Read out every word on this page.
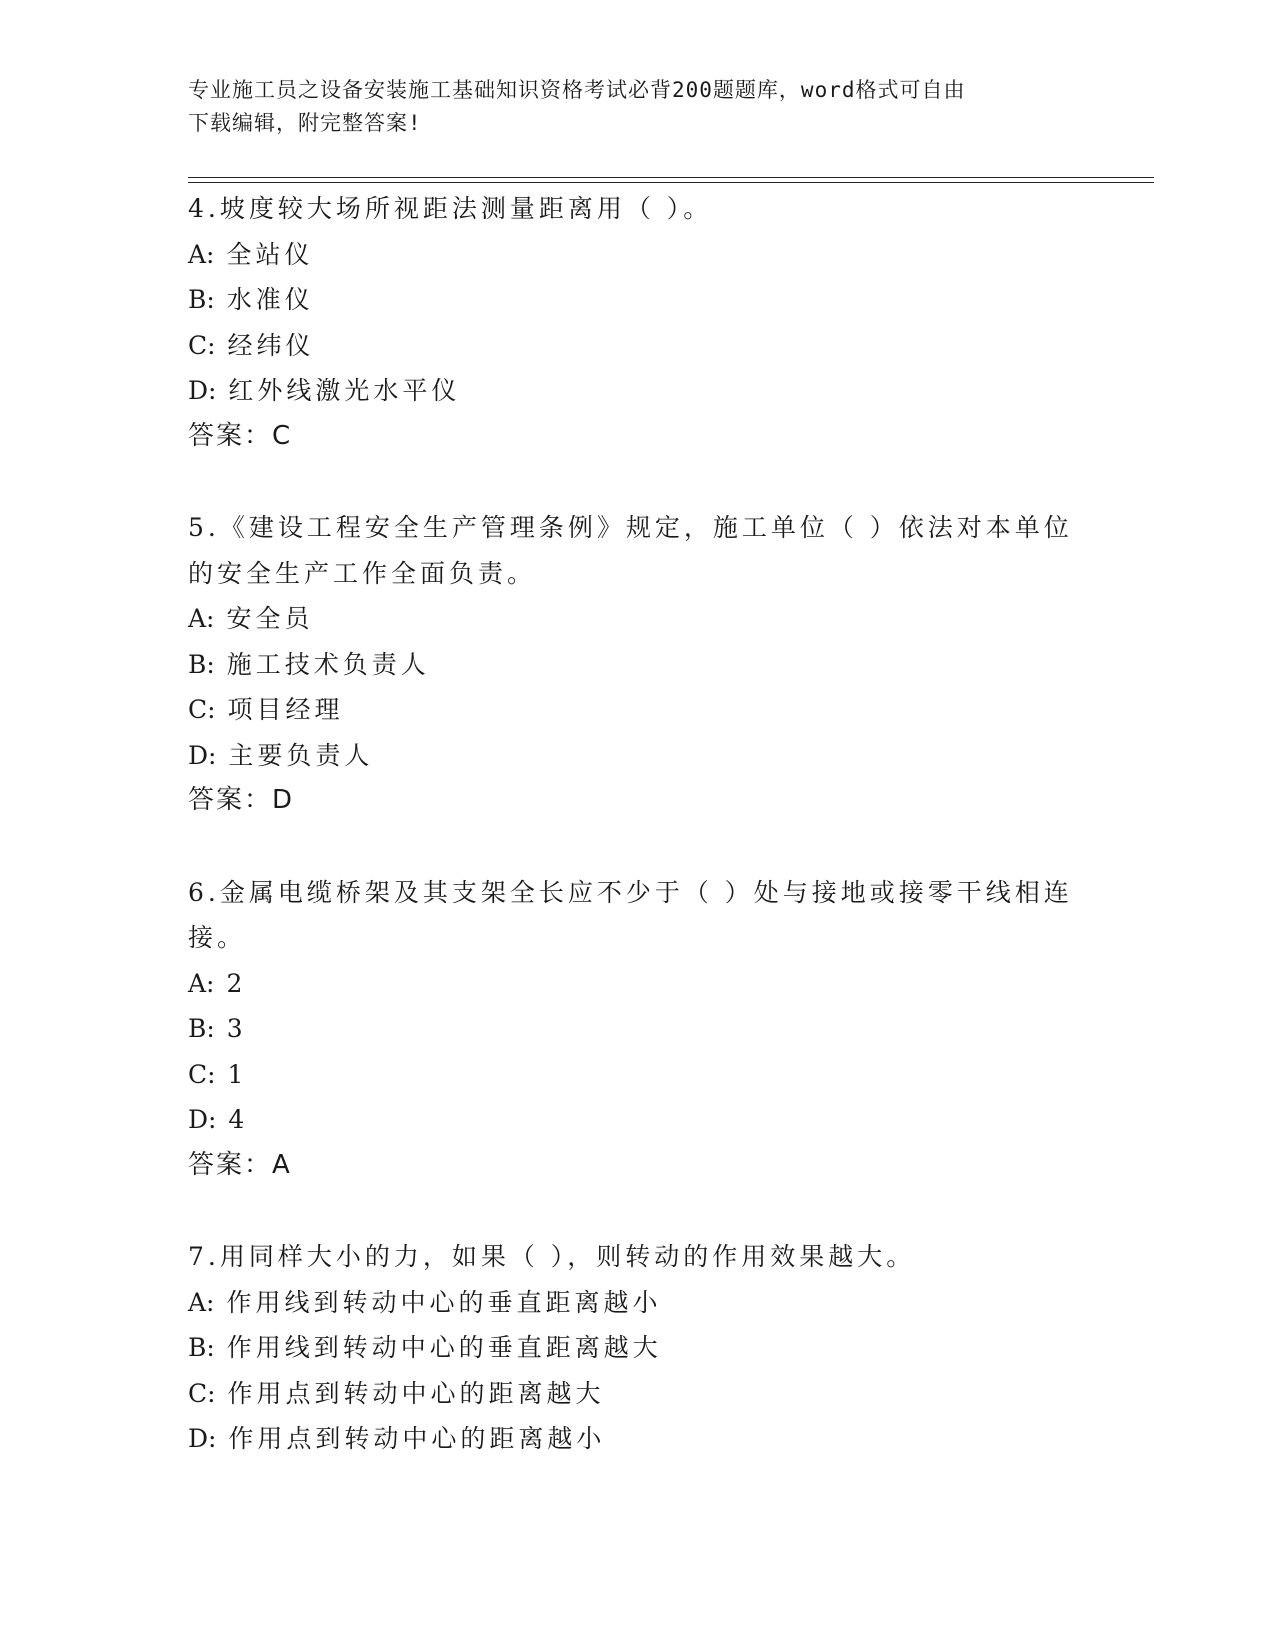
专业施工员之设备安装施工基础知识资格考试必背200题题库，word格式可自由
下载编辑，附完整答案!
4.坡度较大场所视距法测量距离用（ ）。
A: 全站仪
B: 水准仪
C: 经纬仪
D: 红外线激光水平仪
答案：C
5.《建设工程安全生产管理条例》规定，施工单位（ ）依法对本单位
的安全生产工作全面负责。
A: 安全员
B: 施工技术负责人
C: 项目经理
D: 主要负责人
答案：D
6.金属电缆桥架及其支架全长应不少于（ ）处与接地或接零干线相连
接。
A: 2
B: 3
C: 1
D: 4
答案：A
7.用同样大小的力，如果（ ），则转动的作用效果越大。
A: 作用线到转动中心的垂直距离越小
B: 作用线到转动中心的垂直距离越大
C: 作用点到转动中心的距离越大
D: 作用点到转动中心的距离越小
